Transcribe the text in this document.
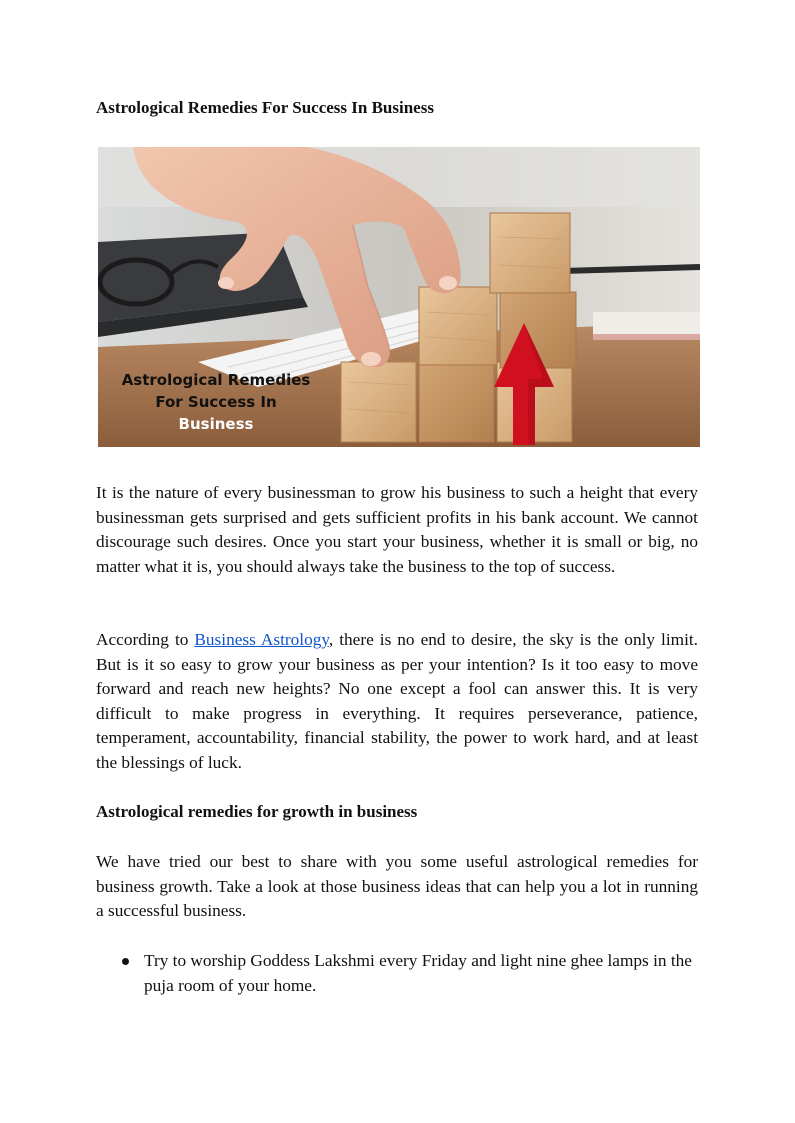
Astrological Remedies For Success In Business
Astrological Remedies
For Success In
Business

It is the nature of every businessman to grow his business to such a height that every businessman gets surprised and gets sufficient profits in his bank account. We cannot discourage such desires. Once you start your business, whether it is small or big, no matter what it is, you should always take the business to the top of success.

According to Business Astrology, there is no end to desire, the sky is the only limit. But is it so easy to grow your business as per your intention? Is it too easy to move forward and reach new heights? No one except a fool can answer this. It is very difficult to make progress in everything. It requires perseverance, patience, temperament, accountability, financial stability, the power to work hard, and at least the blessings of luck.

Astrological remedies for growth in business

We have tried our best to share with you some useful astrological remedies for business growth. Take a look at those business ideas that can help you a lot in running a successful business.

Try to worship Goddess Lakshmi every Friday and light nine ghee lamps in the puja room of your home.
